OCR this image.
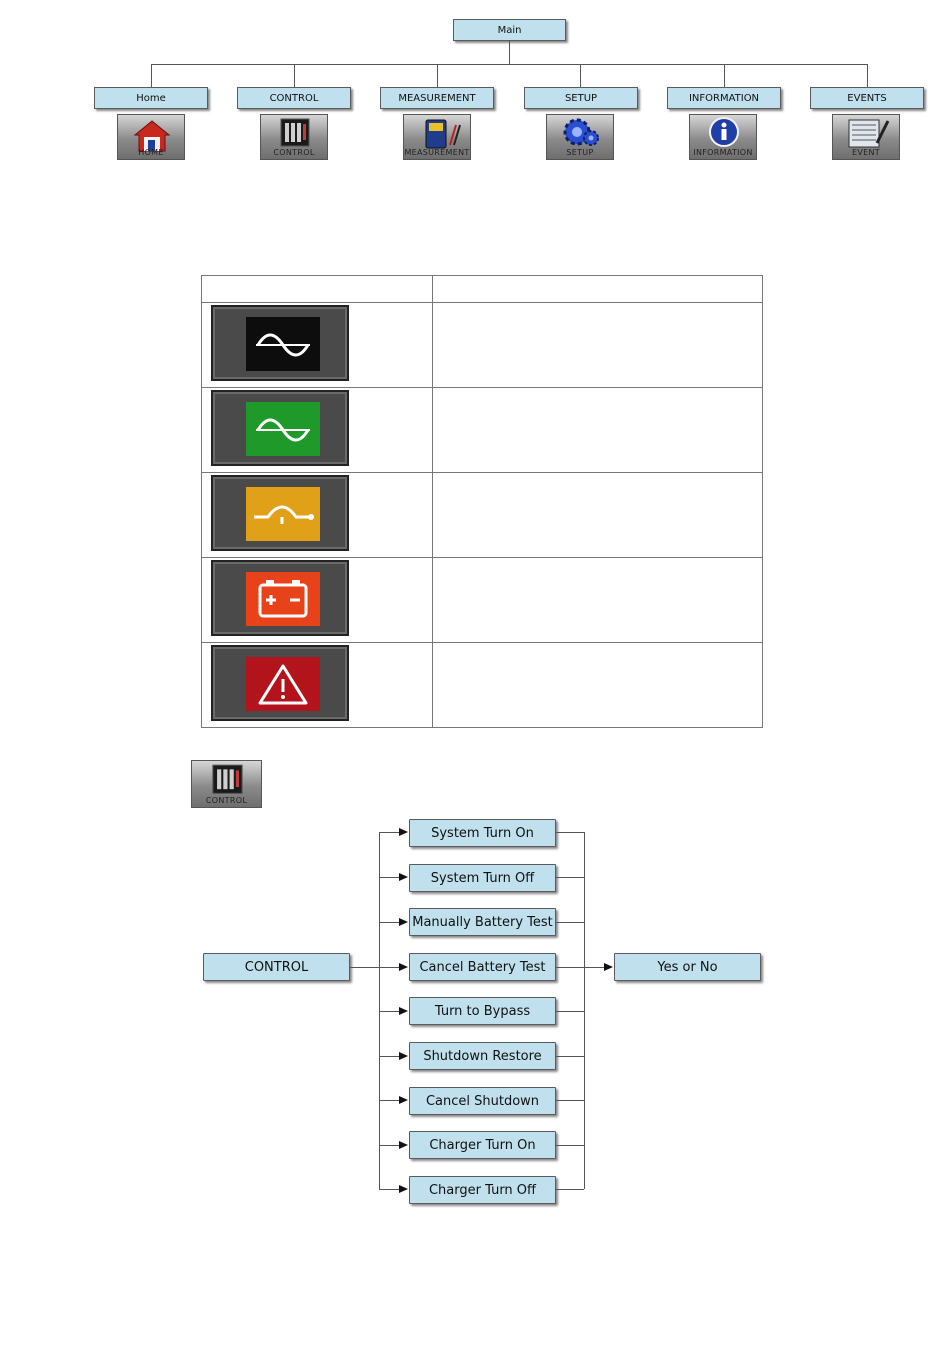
Main
Home	CONTROL	MEASUREMENT	SETUP	INFORMATION	EVENTS
HOME	CONTROL	MEASUREMENT	SETUP	INFORMATION	EVENT

CONTROL
CONTROL	Yes or No
System Turn On
System Turn Off
Manually Battery Test
Cancel Battery Test
Turn to Bypass
Shutdown Restore
Cancel Shutdown
Charger Turn On
Charger Turn Off
